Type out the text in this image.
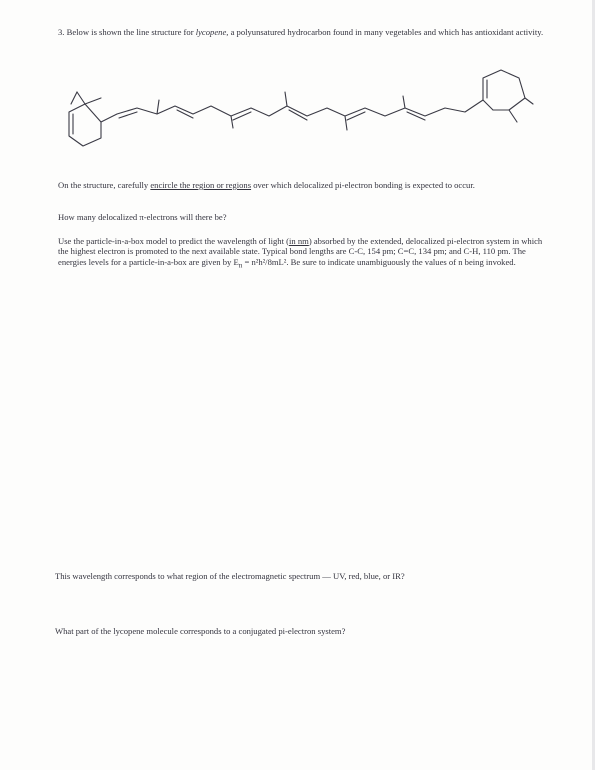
3. Below is shown the line structure for lycopene, a polyunsatured hydrocarbon found in many vegetables and which has antioxidant activity.

On the structure, carefully encircle the region or regions over which delocalized pi-electron bonding is expected to occur.

How many delocalized π-electrons will there be?

Use the particle-in-a-box model to predict the wavelength of light (in nm) absorbed by the extended, delocalized pi-electron system in which the highest electron is promoted to the next available state. Typical bond lengths are C-C, 154 pm; C=C, 134 pm; and C-H, 110 pm. The energies levels for a particle-in-a-box are given by $E_n = n^2h^2/8mL^2$. Be sure to indicate unambiguously the values of n being invoked.

This wavelength corresponds to what region of the electromagnetic spectrum — UV, red, blue, or IR?

What part of the lycopene molecule corresponds to a conjugated pi-electron system?
